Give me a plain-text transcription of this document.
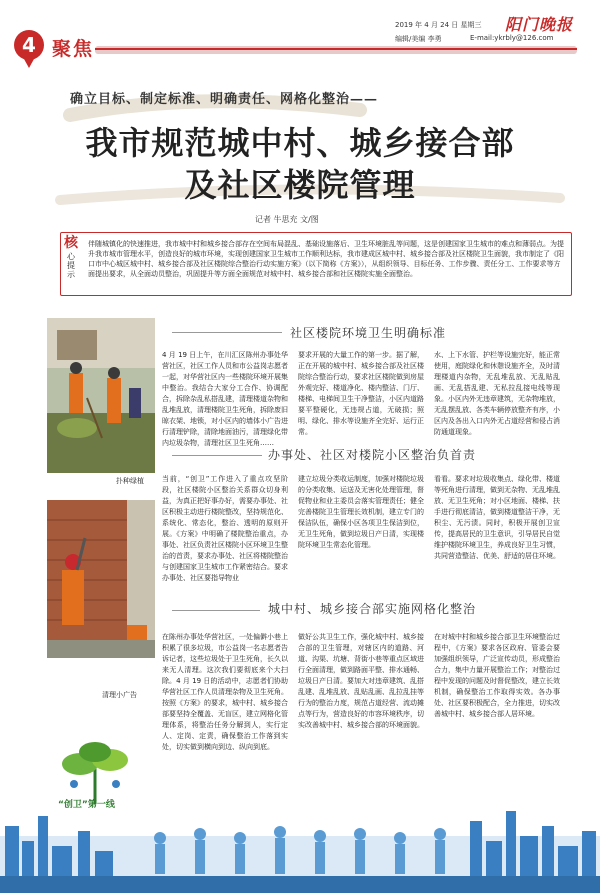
4 聚焦
2019 年 4 月 24 日 星期三
编辑/美编 李勇	E-mail:ykrbly@126.com
阳门晚报
确立目标、制定标准、明确责任、网格化整治——
我市规范城中村、城乡接合部
及社区楼院管理
记者 牛思充 文/图
核
心提示
伴随城镇化的快速推进，我市城中村和城乡接合部存在空间布局混乱、基础设施落后、卫生环境脏乱等问题，这是创建国家卫生城市的难点和薄弱点。为提升我市城市管理水平，创造良好的城市环境，实现创建国家卫生城市工作顺利达标，我市建成区城中村、城乡接合部及社区楼院卫生面貌，我市制定了《阳口市中心城区城中村、城乡接合部及社区楼院综合整治行动实施方案》（以下简称《方案》），从组织领导、目标任务、工作步骤、责任分工、工作要求等方面提出要求，从全面动员整治，巩固提升等方面全面规范对城中村、城乡接合部和社区楼院实施全面整治。
扑种绿植
清理小广告
社区楼院环境卫生明确标准
4 月 19 日上午，在川汇区陈州办事处华营社区，社区工作人员和市公益岗志愿者一起，对华营社区内一些楼院环境开展集中整治。我结合大家分工合作、协调配合，拆除杂乱私搭乱建，清理楼道杂物和乱堆乱放，清理楼院卫生死角，拆除废旧晾衣架、地锁，对小区内的墙体小广告进行清理铲除，清除地面油污，清理绿化带内垃圾杂物，清理社区卫生死角……
要求开展的大量工作的第一步。据了解，正在开展的城中村、城乡接合部及社区楼院综合整治行动，要求社区楼院做到房屋外观完好、楼道净化、楼内整洁、门厅、楼梯、电梯间卫生干净整洁，小区内道路要平整硬化，无违规占道，无破损；照明、绿化、排水等设施齐全完好、运行正常。
水、上下水管、护栏等设施完好，能正常使用，庭院绿化和休憩设施齐全，及时清理楼道内杂物，无乱堆乱放、无乱贴乱画、无乱搭乱建、无私拉乱接电线等现象。小区内外无违章建筑，无杂物堆放，无乱摆乱放、各类车辆停放整齐有序，小区内及各出入口内外无占道经营和侵占消防通道现象。
办事处、社区对楼院小区整治负首责
当前，“创卫”工作进入了重点攻坚阶段，社区楼院小区整治关系群众切身利益，为真正把好事办好，需要办事处、社区积极主动进行楼院整改，坚持规范化、系统化、常态化，整治、透明的原则开展。《方案》中明确了楼院整治重点，办事处、社区负责社区楼院小区环境卫生整治的首责，要求办事处、社区将楼院整治与创建国家卫生城市工作紧密结合。要求办事处、社区要指导物业
建立垃圾分类收运制度，加强对楼院垃圾的分类收集、运送及无害化处理管理，督促物业和业主委员会落实管理责任；健全完善楼院卫生管理长效机制，建立专门的保洁队伍，确保小区各项卫生保洁到位，无卫生死角，做到垃圾日产日清，实现楼院环境卫生常态化管理。
看看。要求对垃圾收集点、绿化带、楼道等死角进行清理，做到无杂物、无乱堆乱放、无卫生死角；对小区地面、楼梯、扶手进行彻底清洁，做到楼道整洁干净，无积尘、无污渍。同时，积极开展创卫宣传，提高居民的卫生意识，引导居民自觉维护楼院环境卫生，养成良好卫生习惯，共同营造整洁、优美、舒适的居住环境。
城中村、城乡接合部实施网格化整治
在陈州办事处华营社区，一处偏僻小巷上积累了很多垃圾，市公益岗一名志愿者告诉记者，这些垃圾处于卫生死角，长久以来无人清理。这次我们要彻底来个大扫除。4 月 19 日的活动中，志愿者们协助华营社区工作人员清理杂物及卫生死角。按照《方案》的要求，城中村、城乡接合部要坚持全覆盖、无盲区，建立网格化管理体系，将整治任务分解到人，实行定人、定岗、定责，确保整治工作落到实处，切实做到横向到边、纵向到底。
做好公共卫生工作，强化城中村、城乡接合部的卫生管理，对辖区内的道路、河道、沟渠、坑塘、背街小巷等重点区域进行全面清理，做到路面平整、排水通畅、垃圾日产日清。要加大对违章建筑、乱搭乱建、乱堆乱放、乱贴乱画、乱拉乱挂等行为的整治力度，规范占道经营、流动摊点等行为，营造良好的市容环境秩序，切实改善城中村、城乡接合部的环境面貌。
在对城中村和城乡接合部卫生环境整治过程中，《方案》要求各区政府、管委会要加强组织领导，广泛宣传动员，形成整治合力，集中力量开展整治工作；对整治过程中发现的问题及时督促整改，建立长效机制，确保整治工作取得实效。各办事处、社区要积极配合，全力推进，切实改善城中村、城乡接合部人居环境。
“创卫”第一线
